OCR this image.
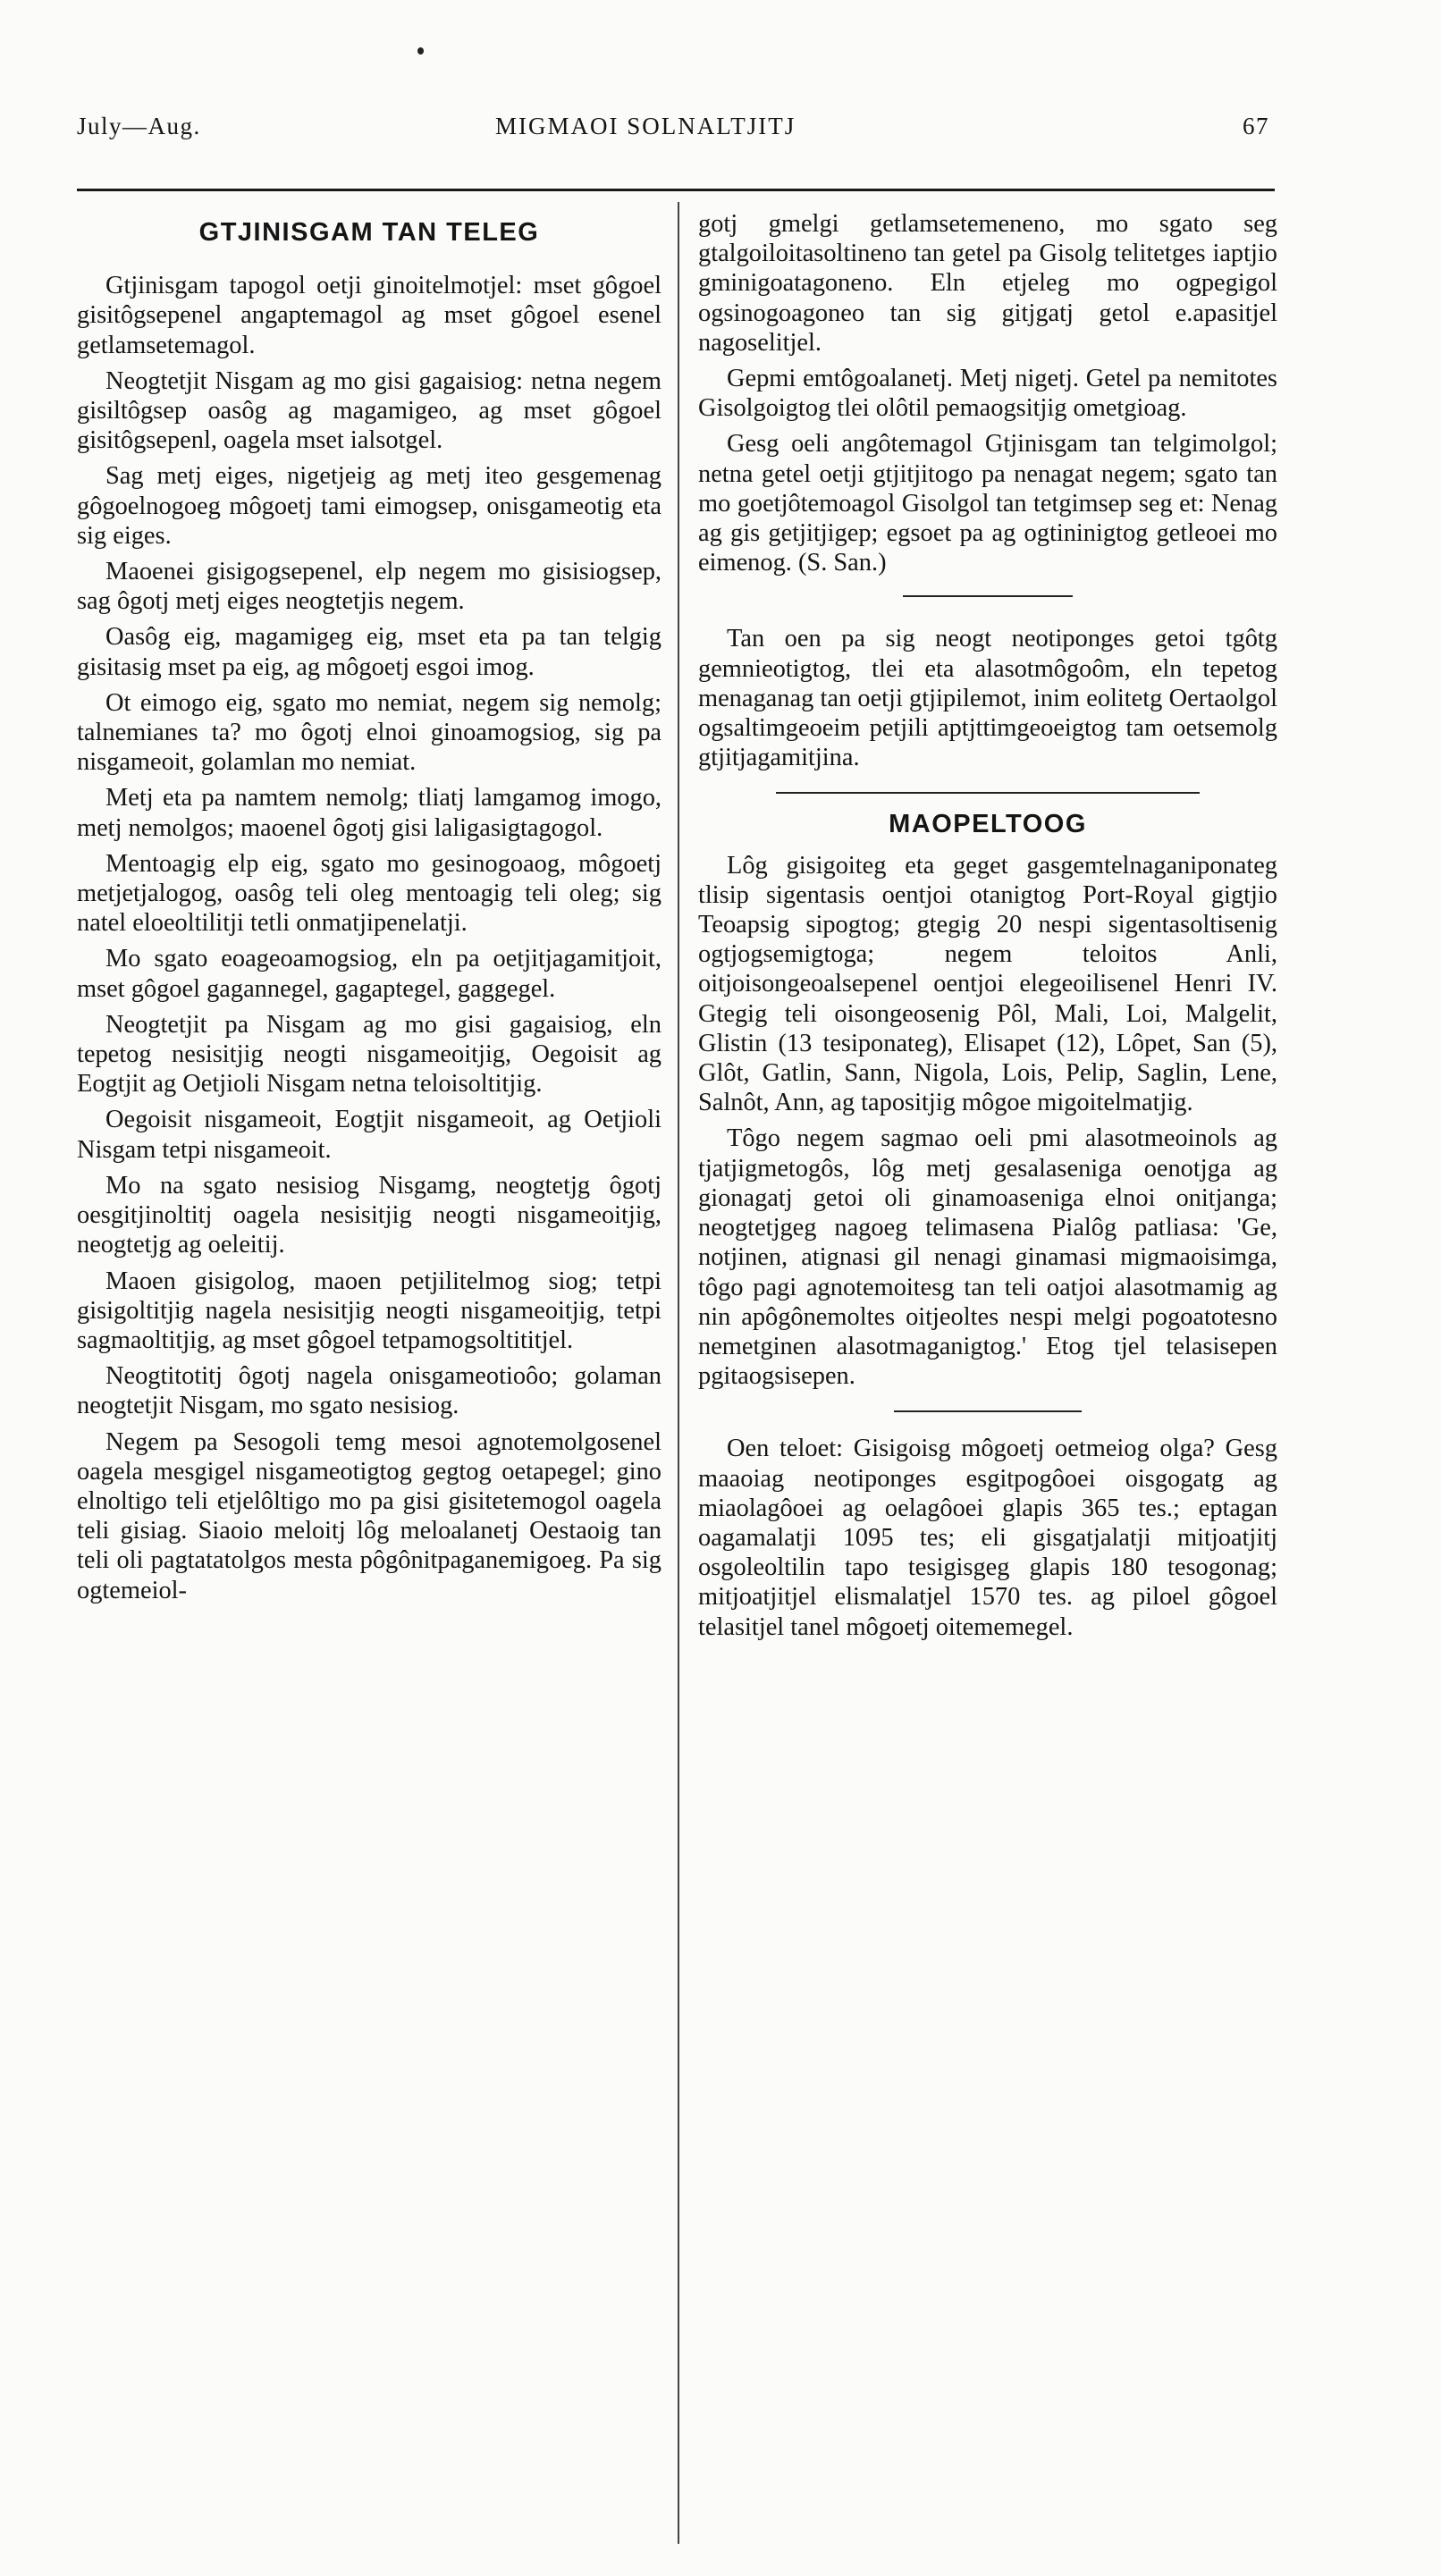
July—Aug.	MIGMAOI SOLNALTJITJ	67

GTJINISGAM TAN TELEG

Gtjinisgam tapogol oetji ginoitelmotjel: mset gôgoel gisitôgsepenel angaptemagol ag mset gôgoel esenel getlamsetemagol.

Neogtetjit Nisgam ag mo gisi gagaisiog: netna negem gisiltôgsep oasôg ag magamigeo, ag mset gôgoel gisitôgsepenl, oagela mset ialsotgel.

Sag metj eiges, nigetjeig ag metj iteo gesgemenag gôgoelnogoeg môgoetj tami eimogsep, onisgameotig eta sig eiges.

Maoenei gisigogsepenel, elp negem mo gisisiogsep, sag ôgotj metj eiges neogtetjis negem.

Oasôg eig, magamigeg eig, mset eta pa tan telgig gisitasig mset pa eig, ag môgoetj esgoi imog.

Ot eimogo eig, sgato mo nemiat, negem sig nemolg; talnemianes ta? mo ôgotj elnoi ginoamogsiog, sig pa nisgameoit, golamlan mo nemiat.

Metj eta pa namtem nemolg; tliatj lamgamog imogo, metj nemolgos; maoenel ôgotj gisi laligasigtagogol.

Mentoagig elp eig, sgato mo gesinogoaog, môgoetj metjetjalogog, oasôg teli oleg mentoagig teli oleg; sig natel eloeoltilitji tetli onmatjipenelatji.

Mo sgato eoageoamogsiog, eln pa oetjitjagamitjoit, mset gôgoel gagannegel, gagaptegel, gaggegel.

Neogtetjit pa Nisgam ag mo gisi gagaisiog, eln tepetog nesisitjig neogti nisgameoitjig, Oegoisit ag Eogtjit ag Oetjioli Nisgam netna teloisoltitjig.

Oegoisit nisgameoit, Eogtjit nisgameoit, ag Oetjioli Nisgam tetpi nisgameoit.

Mo na sgato nesisiog Nisgamg, neogtetjg ôgotj oesgitjinoltitj oagela nesisitjig neogti nisgameoitjig, neogtetjg ag oeleitij.

Maoen gisigolog, maoen petjilitelmog siog; tetpi gisigoltitjig nagela nesisitjig neogti nisgameoitjig, tetpi sagmaoltitjig, ag mset gôgoel tetpamogsoltititjel.

Neogtitotitj ôgotj nagela onisgameotioôo; golaman neogtetjit Nisgam, mo sgato nesisiog.

Negem pa Sesogoli temg mesoi agnotemolgosenel oagela mesgigel nisgameotigtog gegtog oetapegel; gino elnoltigo teli etjelôltigo mo pa gisi gisitetemogol oagela teli gisiag. Siaoio meloitj lôg meloalanetj Oestaoig tan teli oli pagtatatolgos mesta pôgônitpaganemigoeg. Pa sig ogtemeiol-

gotj gmelgi getlamsetemeneno, mo sgato seg gtalgoiloitasoltineno tan getel pa Gisolg telitetges iaptjio gminigoatagoneno. Eln etjeleg mo ogpegigol ogsinogoagoneo tan sig gitjgatj getol e.apasitjel nagoselitjel.

Gepmi emtôgoalanetj. Metj nigetj. Getel pa nemitotes Gisolgoigtog tlei olôtil pemaogsitjig ometgioag.

Gesg oeli angôtemagol Gtjinisgam tan telgimolgol; netna getel oetji gtjitjitogo pa nenagat negem; sgato tan mo goetjôtemoagol Gisolgol tan tetgimsep seg et: Nenag ag gis getjitjigep; egsoet pa ag ogtininigtog getleoei mo eimenog. (S. San.)

Tan oen pa sig neogt neotiponges getoi tgôtg gemnieotigtog, tlei eta alasotmôgoôm, eln tepetog menaganag tan oetji gtjipilemot, inim eolitetg Oertaolgol ogsaltimgeoeim petjili aptjttimgeoeigtog tam oetsemolg gtjitjagamitjina.

MAOPELTOOG

Lôg gisigoiteg eta geget gasgemtelnaganiponateg tlisip sigentasis oentjoi otanigtog Port-Royal gigtjio Teoapsig sipogtog; gtegig 20 nespi sigentasoltisenig ogtjogsemigtoga; negem teloitos Anli, oitjoisongeoalsepenel oentjoi elegeoilisenel Henri IV. Gtegig teli oisongeosenig Pôl, Mali, Loi, Malgelit, Glistin (13 tesiponateg), Elisapet (12), Lôpet, San (5), Glôt, Gatlin, Sann, Nigola, Lois, Pelip, Saglin, Lene, Salnôt, Ann, ag tapositjig môgoe migoitelmatjig.

Tôgo negem sagmao oeli pmi alasotmeoinols ag tjatjigmetogôs, lôg metj gesalaseniga oenotjga ag gionagatj getoi oli ginamoaseniga elnoi onitjanga; neogtetjgeg nagoeg telimasena Pialôg patliasa: 'Ge, notjinen, atignasi gil nenagi ginamasi migmaoisimga, tôgo pagi agnotemoitesg tan teli oatjoi alasotmamig ag nin apôgônemoltes oitjeoltes nespi melgi pogoatotesno nemetginen alasotmaganigtog.' Etog tjel telasisepen pgitaogsisepen.

Oen teloet: Gisigoisg môgoetj oetmeiog olga? Gesg maaoiag neotiponges esgitpogôoei oisgogatg ag miaolagôoei ag oelagôoei glapis 365 tes.; eptagan oagamalatji 1095 tes; eli gisgatjalatji mitjoatjitj osgoleoltilin tapo tesigisgeg glapis 180 tesogonag; mitjoatjitjel elismalatjel 1570 tes. ag piloel gôgoel telasitjel tanel môgoetj oitememegel.
